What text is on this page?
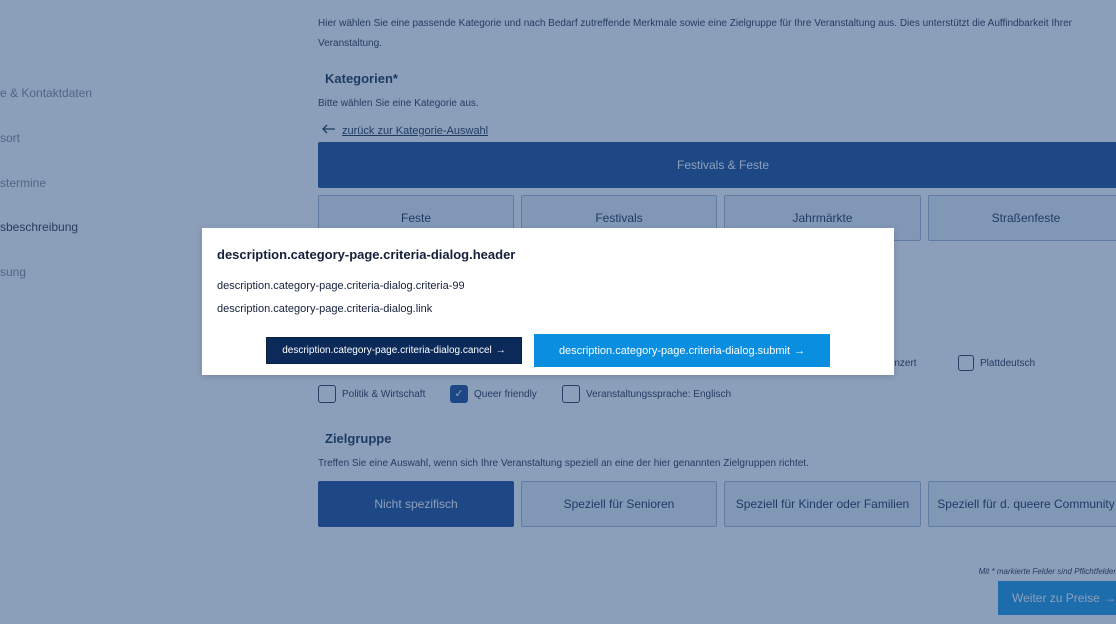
description.category-page.criteria-dialog.header
description.category-page.criteria-dialog.criteria-99
description.category-page.criteria-dialog.link
description.category-page.criteria-dialog.cancel →	description.category-page.criteria-dialog.submit →
